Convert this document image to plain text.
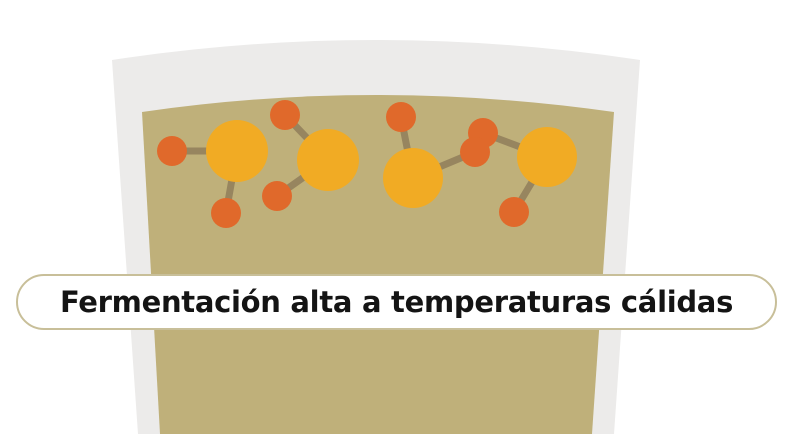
Fermentación alta a temperaturas cálidas
